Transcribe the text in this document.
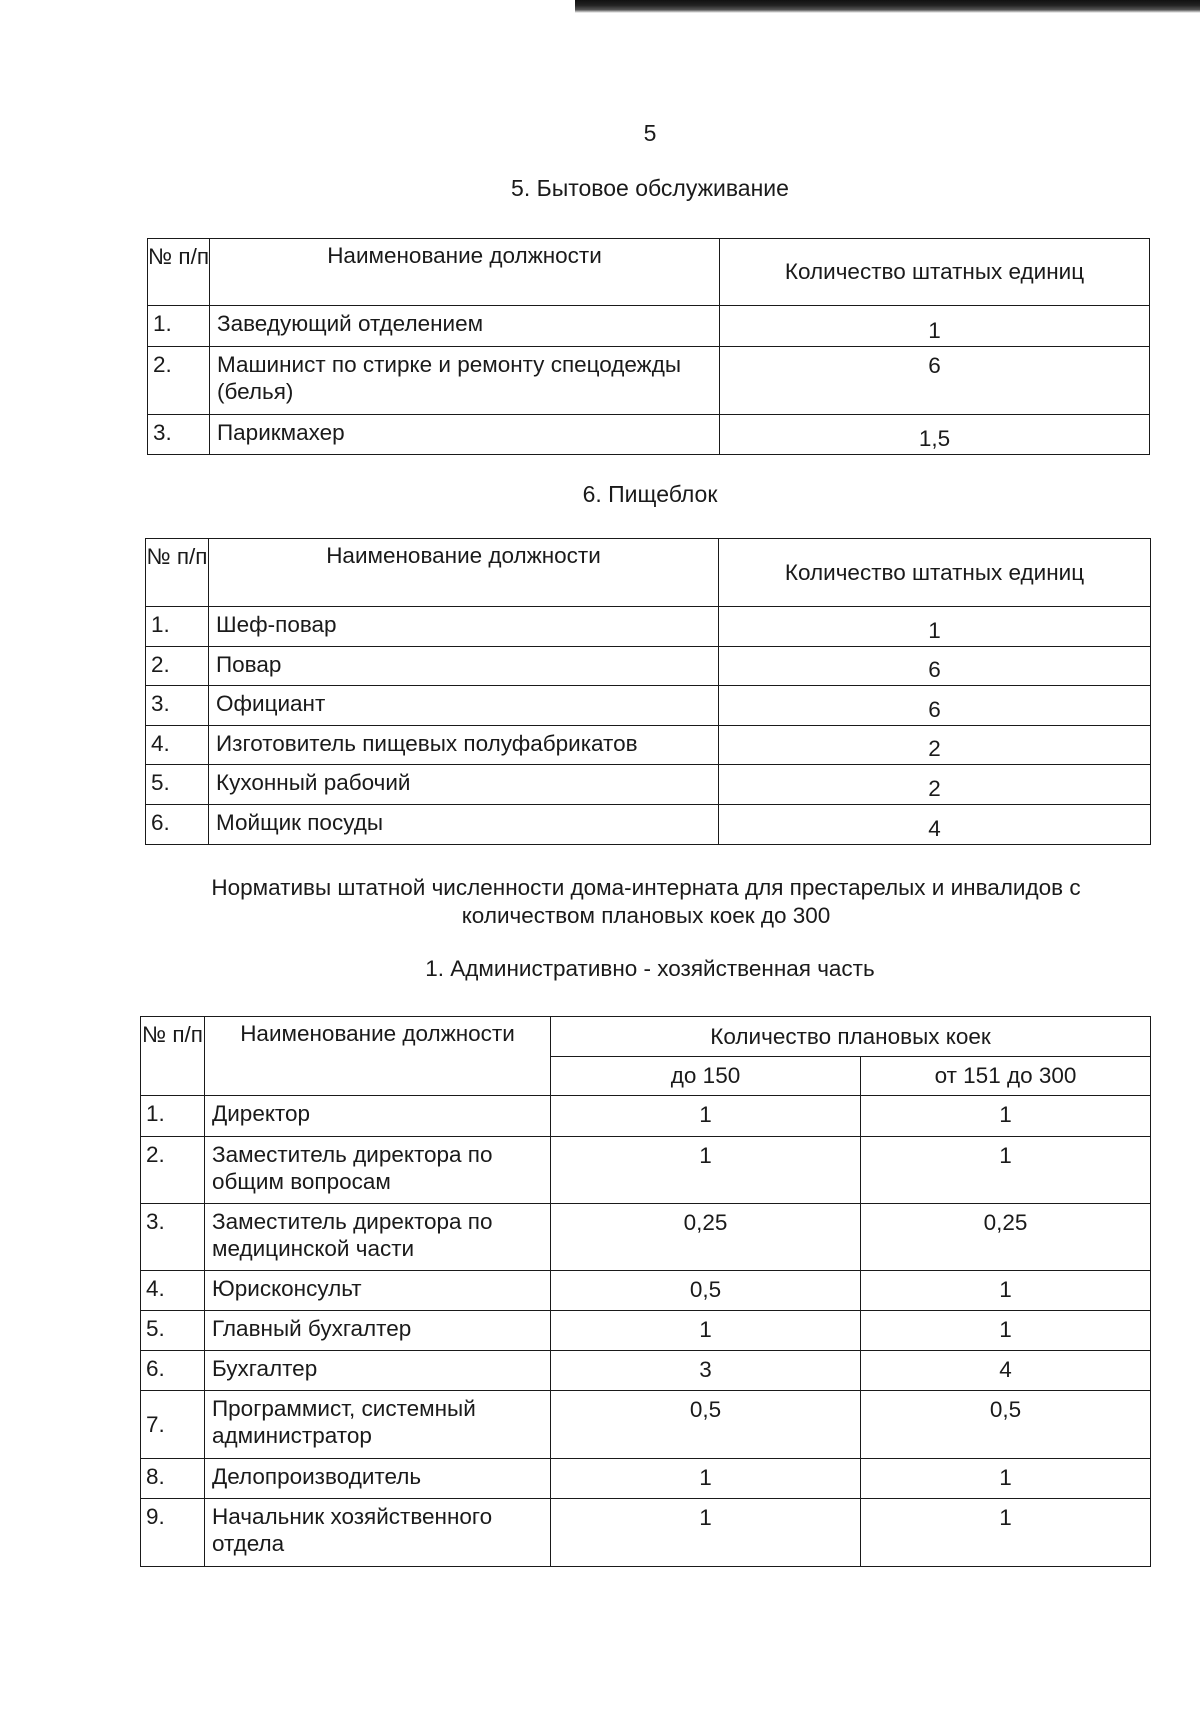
5
5. Бытовое обслуживание
№ п/п	Наименование должности	Количество штатных единиц
1.	Заведующий отделением	1
2.	Машинист по стирке и ремонту спецодежды (белья)	6
3.	Парикмахер	1,5
6. Пищеблок
№ п/п	Наименование должности	Количество штатных единиц
1.	Шеф-повар	1
2.	Повар	6
3.	Официант	6
4.	Изготовитель пищевых полуфабрикатов	2
5.	Кухонный рабочий	2
6.	Мойщик посуды	4
Нормативы штатной численности дома-интерната для престарелых и инвалидов с количеством плановых коек до 300
1. Административно - хозяйственная часть
№ п/п	Наименование должности	Количество плановых коек	
		до 150	от 151 до 300
1.	Директор	1	1
2.	Заместитель директора по общим вопросам	1	1
3.	Заместитель директора по медицинской части	0,25	0,25
4.	Юрисконсульт	0,5	1
5.	Главный бухгалтер	1	1
6.	Бухгалтер	3	4
7.	Программист, системный администратор	0,5	0,5
8.	Делопроизводитель	1	1
9.	Начальник хозяйственного отдела	1	1
